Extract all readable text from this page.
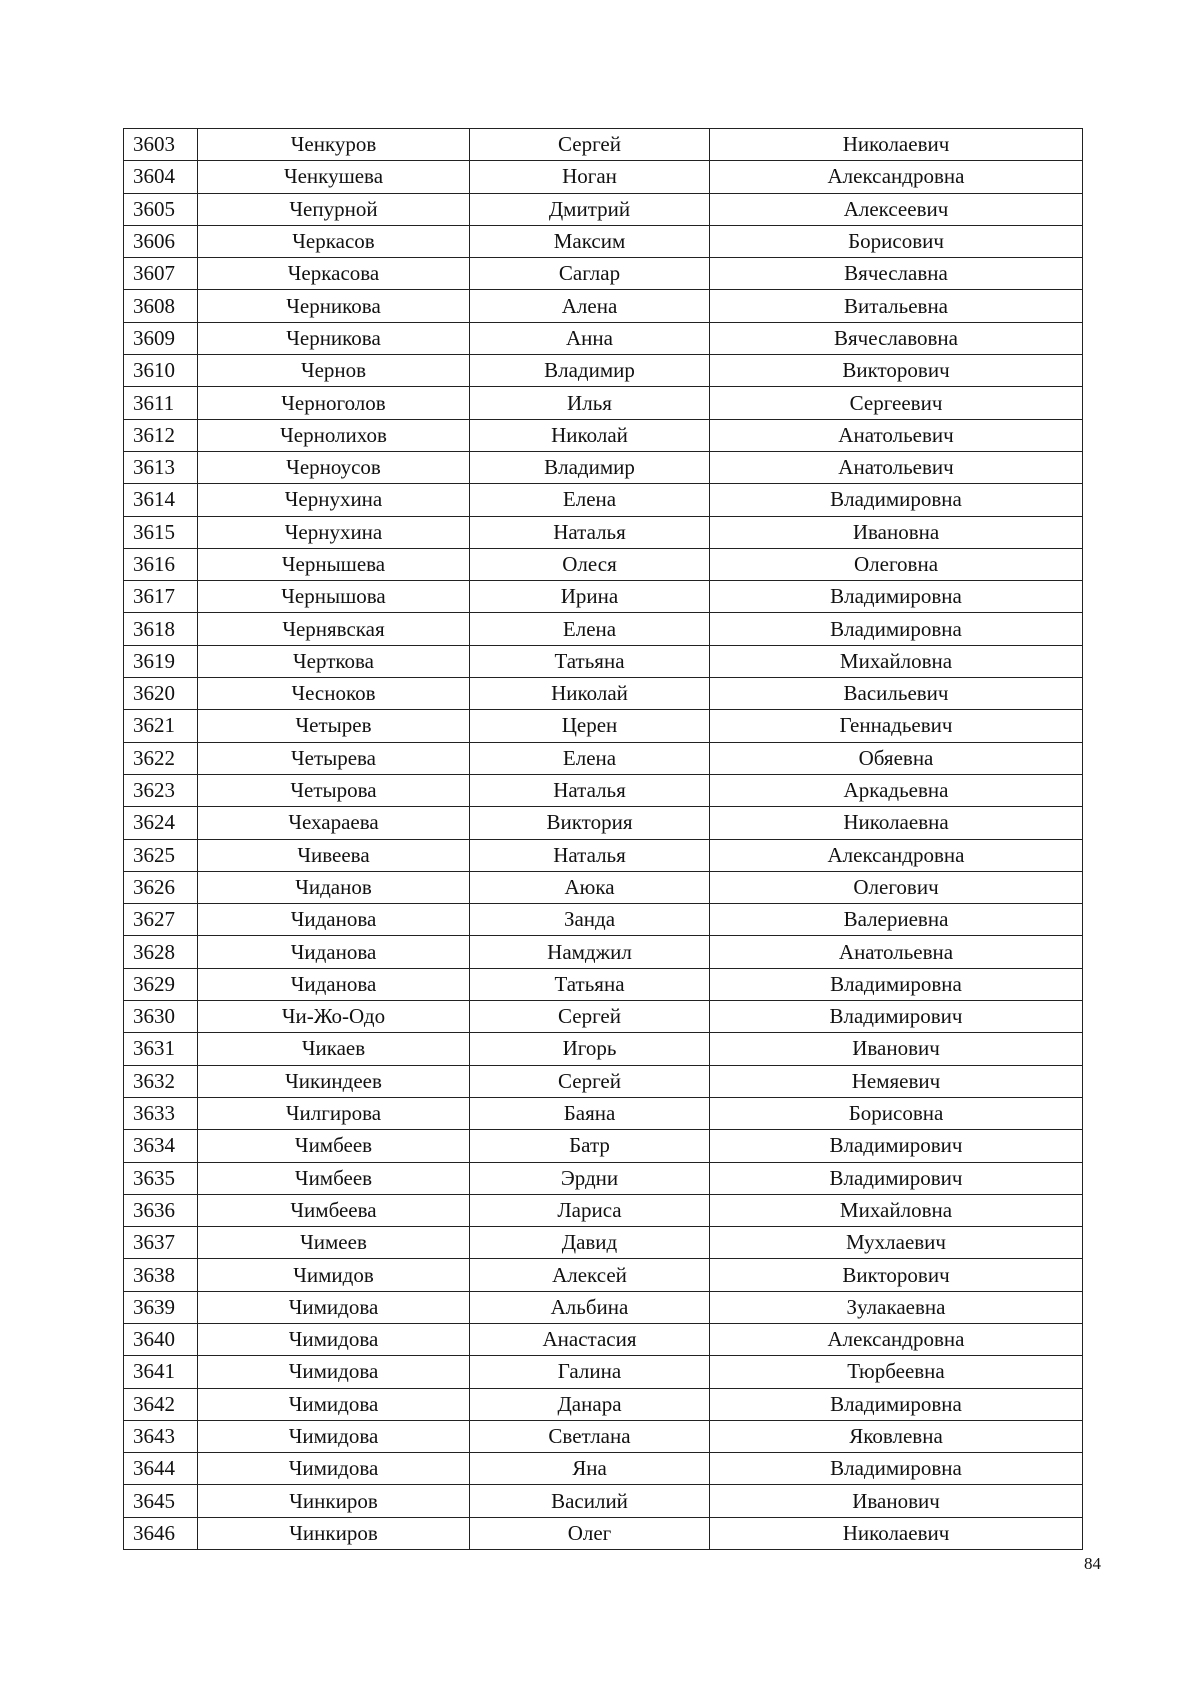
3603	Ченкуров	Сергей	Николаевич
3604	Ченкушева	Ноган	Александровна
3605	Чепурной	Дмитрий	Алексеевич
3606	Черкасов	Максим	Борисович
3607	Черкасова	Саглар	Вячеславна
3608	Черникова	Алена	Витальевна
3609	Черникова	Анна	Вячеславовна
3610	Чернов	Владимир	Викторович
3611	Черноголов	Илья	Сергеевич
3612	Чернолихов	Николай	Анатольевич
3613	Черноусов	Владимир	Анатольевич
3614	Чернухина	Елена	Владимировна
3615	Чернухина	Наталья	Ивановна
3616	Чернышева	Олеся	Олеговна
3617	Чернышова	Ирина	Владимировна
3618	Чернявская	Елена	Владимировна
3619	Черткова	Татьяна	Михайловна
3620	Чесноков	Николай	Васильевич
3621	Четырев	Церен	Геннадьевич
3622	Четырева	Елена	Обяевна
3623	Четырова	Наталья	Аркадьевна
3624	Чехараева	Виктория	Николаевна
3625	Чивеева	Наталья	Александровна
3626	Чиданов	Аюка	Олегович
3627	Чиданова	Занда	Валериевна
3628	Чиданова	Намджил	Анатольевна
3629	Чиданова	Татьяна	Владимировна
3630	Чи-Жо-Одо	Сергей	Владимирович
3631	Чикаев	Игорь	Иванович
3632	Чикиндеев	Сергей	Немяевич
3633	Чилгирова	Баяна	Борисовна
3634	Чимбеев	Батр	Владимирович
3635	Чимбеев	Эрдни	Владимирович
3636	Чимбеева	Лариса	Михайловна
3637	Чимеев	Давид	Мухлаевич
3638	Чимидов	Алексей	Викторович
3639	Чимидова	Альбина	Зулакаевна
3640	Чимидова	Анастасия	Александровна
3641	Чимидова	Галина	Тюрбеевна
3642	Чимидова	Данара	Владимировна
3643	Чимидова	Светлана	Яковлевна
3644	Чимидова	Яна	Владимировна
3645	Чинкиров	Василий	Иванович
3646	Чинкиров	Олег	Николаевич
84
